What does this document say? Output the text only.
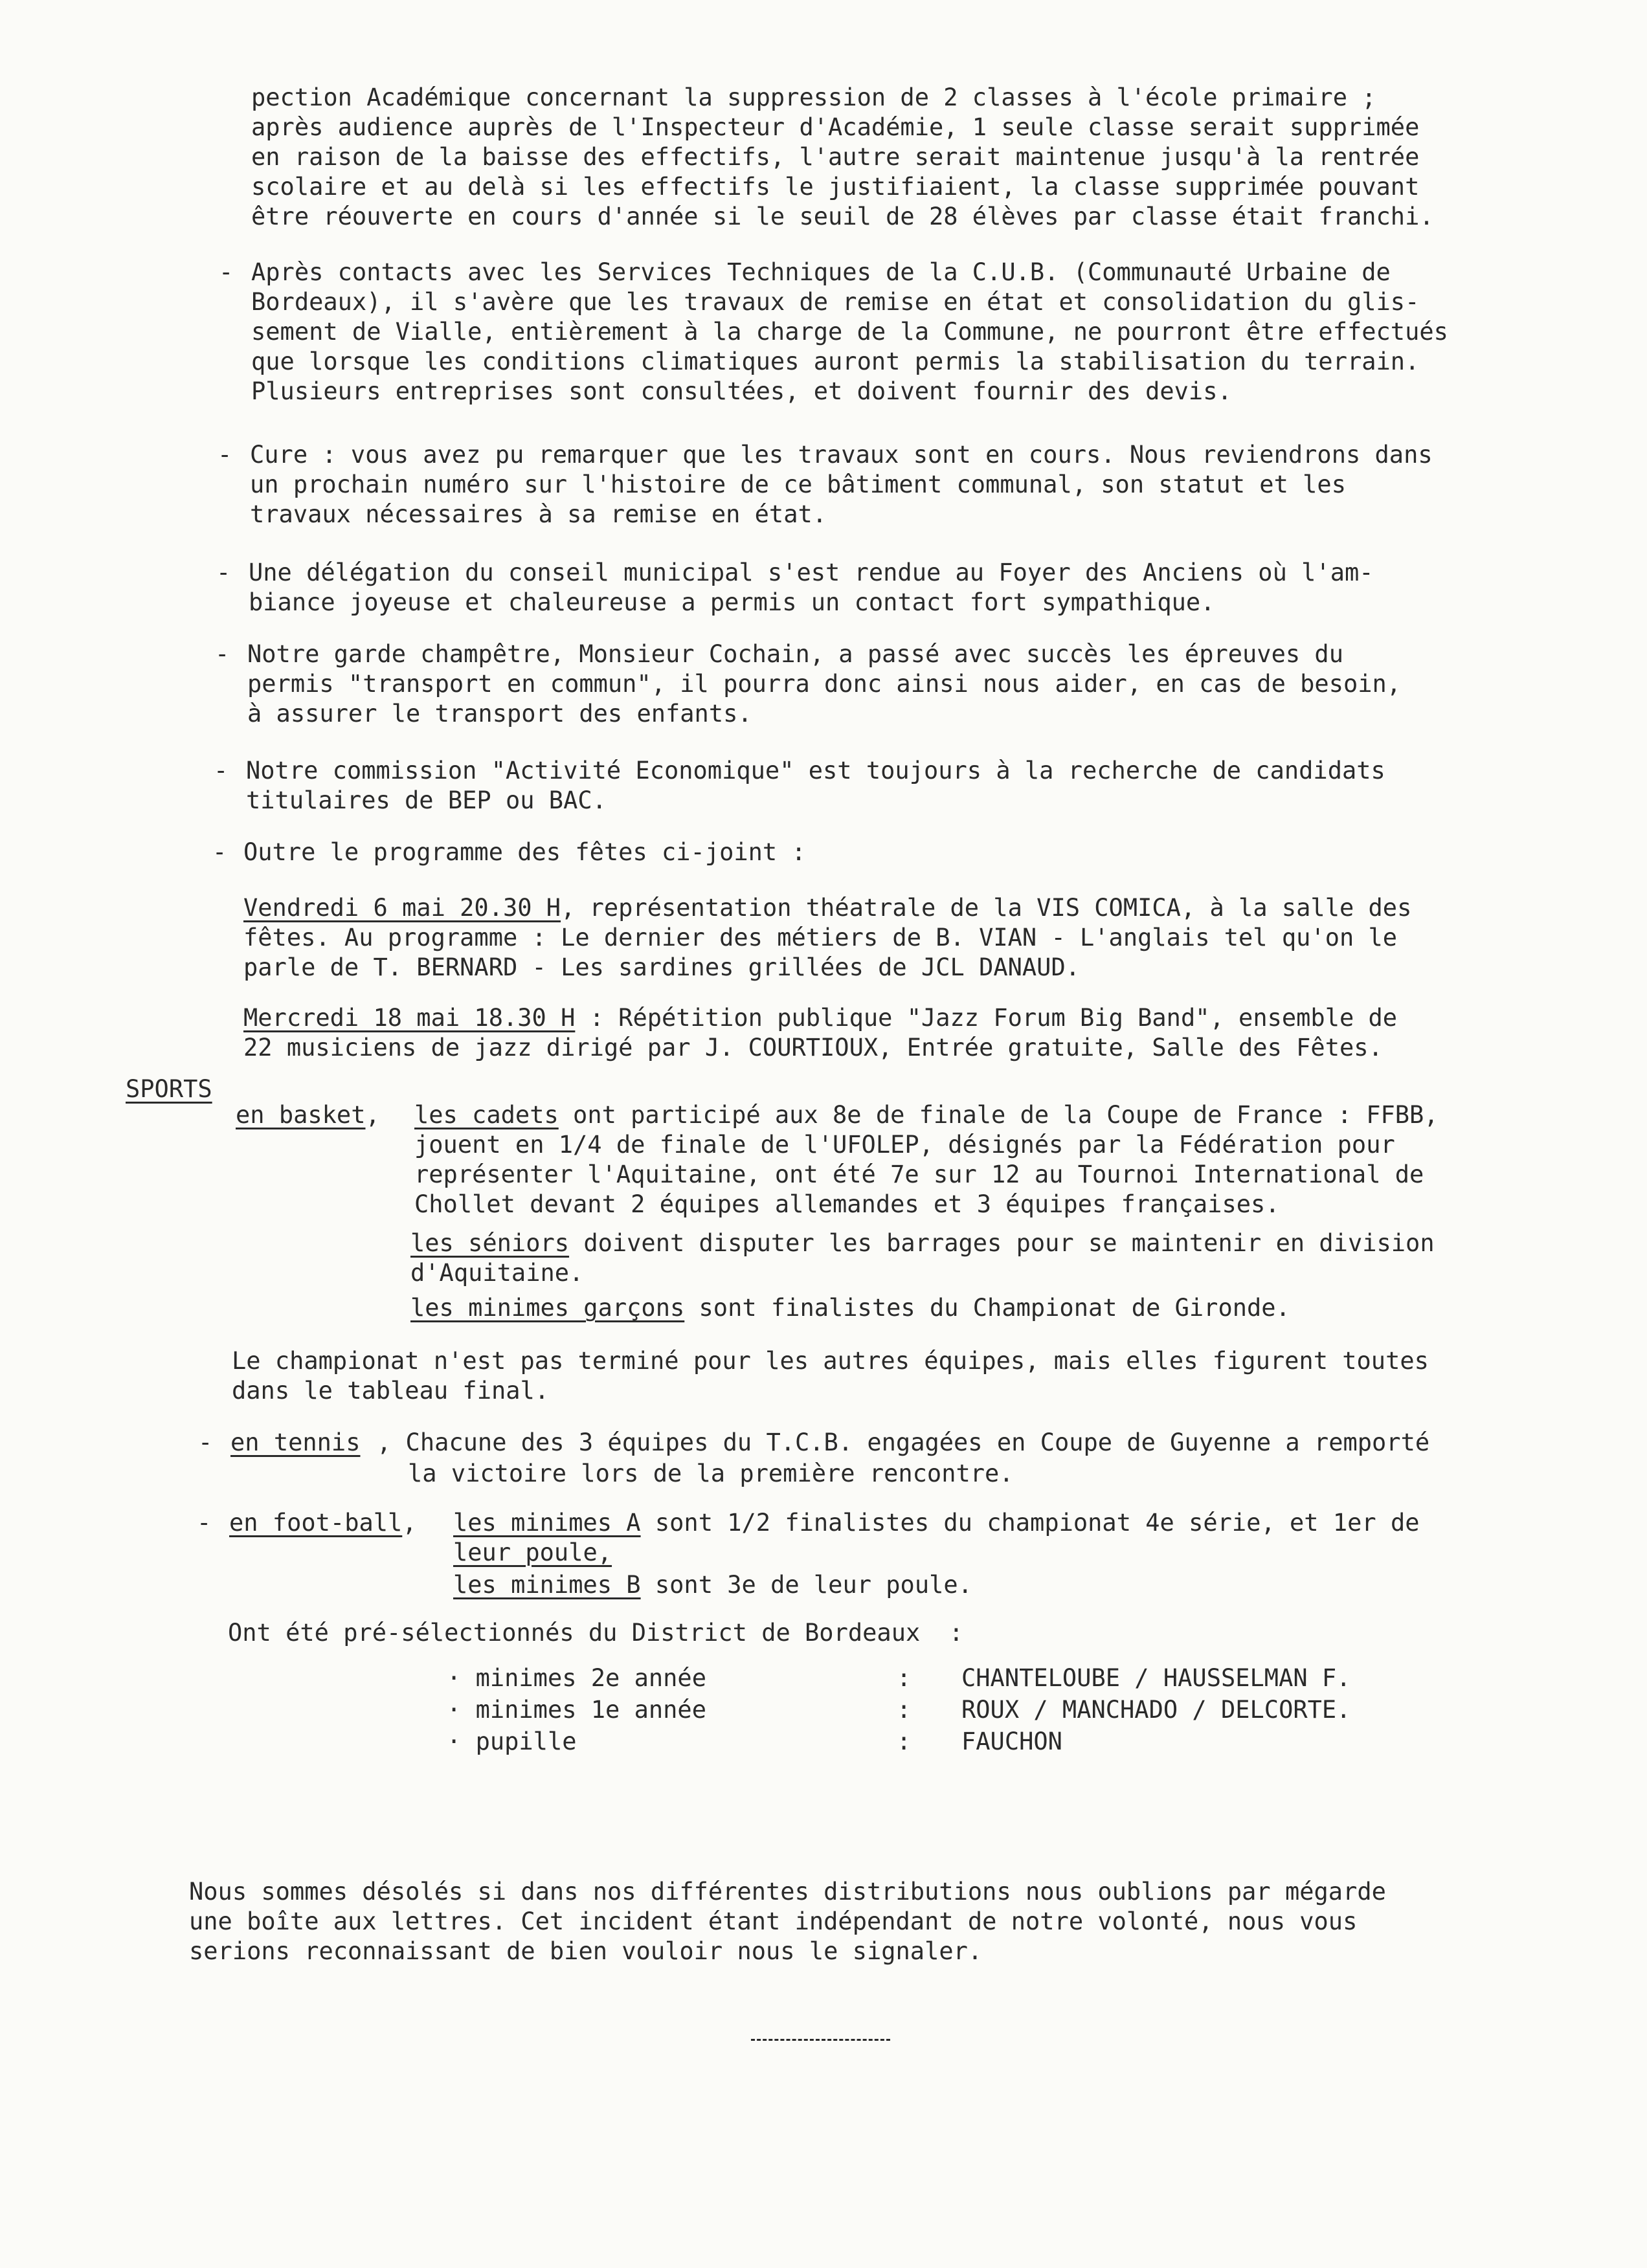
pection Académique concernant la suppression de 2 classes à l'école primaire ;
après audience auprès de l'Inspecteur d'Académie, 1 seule classe serait supprimée
en raison de la baisse des effectifs, l'autre serait maintenue jusqu'à la rentrée
scolaire et au delà si les effectifs le justifiaient, la classe supprimée pouvant
être réouverte en cours d'année si le seuil de 28 élèves par classe était franchi.
- Après contacts avec les Services Techniques de la C.U.B. (Communauté Urbaine de
Bordeaux), il s'avère que les travaux de remise en état et consolidation du glis-
sement de Vialle, entièrement à la charge de la Commune, ne pourront être effectués
que lorsque les conditions climatiques auront permis la stabilisation du terrain.
Plusieurs entreprises sont consultées, et doivent fournir des devis.
- Cure : vous avez pu remarquer que les travaux sont en cours. Nous reviendrons dans
un prochain numéro sur l'histoire de ce bâtiment communal, son statut et les
travaux nécessaires à sa remise en état.
- Une délégation du conseil municipal s'est rendue au Foyer des Anciens où l'am-
biance joyeuse et chaleureuse a permis un contact fort sympathique.
- Notre garde champêtre, Monsieur Cochain, a passé avec succès les épreuves du
permis "transport en commun", il pourra donc ainsi nous aider, en cas de besoin,
à assurer le transport des enfants.
- Notre commission "Activité Economique" est toujours à la recherche de candidats
titulaires de BEP ou BAC.
- Outre le programme des fêtes ci-joint :
Vendredi 6 mai 20.30 H, représentation théatrale de la VIS COMICA, à la salle des
fêtes. Au programme : Le dernier des métiers de B. VIAN - L'anglais tel qu'on le
parle de T. BERNARD - Les sardines grillées de JCL DANAUD.
Mercredi 18 mai 18.30 H : Répétition publique "Jazz Forum Big Band", ensemble de
22 musiciens de jazz dirigé par J. COURTIOUX, Entrée gratuite, Salle des Fêtes.
SPORTS
en basket, les cadets ont participé aux 8e de finale de la Coupe de France : FFBB,
jouent en 1/4 de finale de l'UFOLEP, désignés par la Fédération pour
représenter l'Aquitaine, ont été 7e sur 12 au Tournoi International de
Chollet devant 2 équipes allemandes et 3 équipes françaises.
les séniors doivent disputer les barrages pour se maintenir en division
d'Aquitaine.
les minimes garçons sont finalistes du Championat de Gironde.
Le championat n'est pas terminé pour les autres équipes, mais elles figurent toutes
dans le tableau final.
- en tennis , Chacune des 3 équipes du T.C.B. engagées en Coupe de Guyenne a remporté
la victoire lors de la première rencontre.
- en foot-ball, les minimes A sont 1/2 finalistes du championat 4e série, et 1er de
leur poule,
les minimes B sont 3e de leur poule.
Ont été pré-sélectionnés du District de Bordeaux  :
· minimes 2e année	:	CHANTELOUBE / HAUSSELMAN F.
· minimes 1e année	:	ROUX / MANCHADO / DELCORTE.
· pupille	:	FAUCHON
Nous sommes désolés si dans nos différentes distributions nous oublions par mégarde
une boîte aux lettres. Cet incident étant indépendant de notre volonté, nous vous
serions reconnaissant de bien vouloir nous le signaler.
